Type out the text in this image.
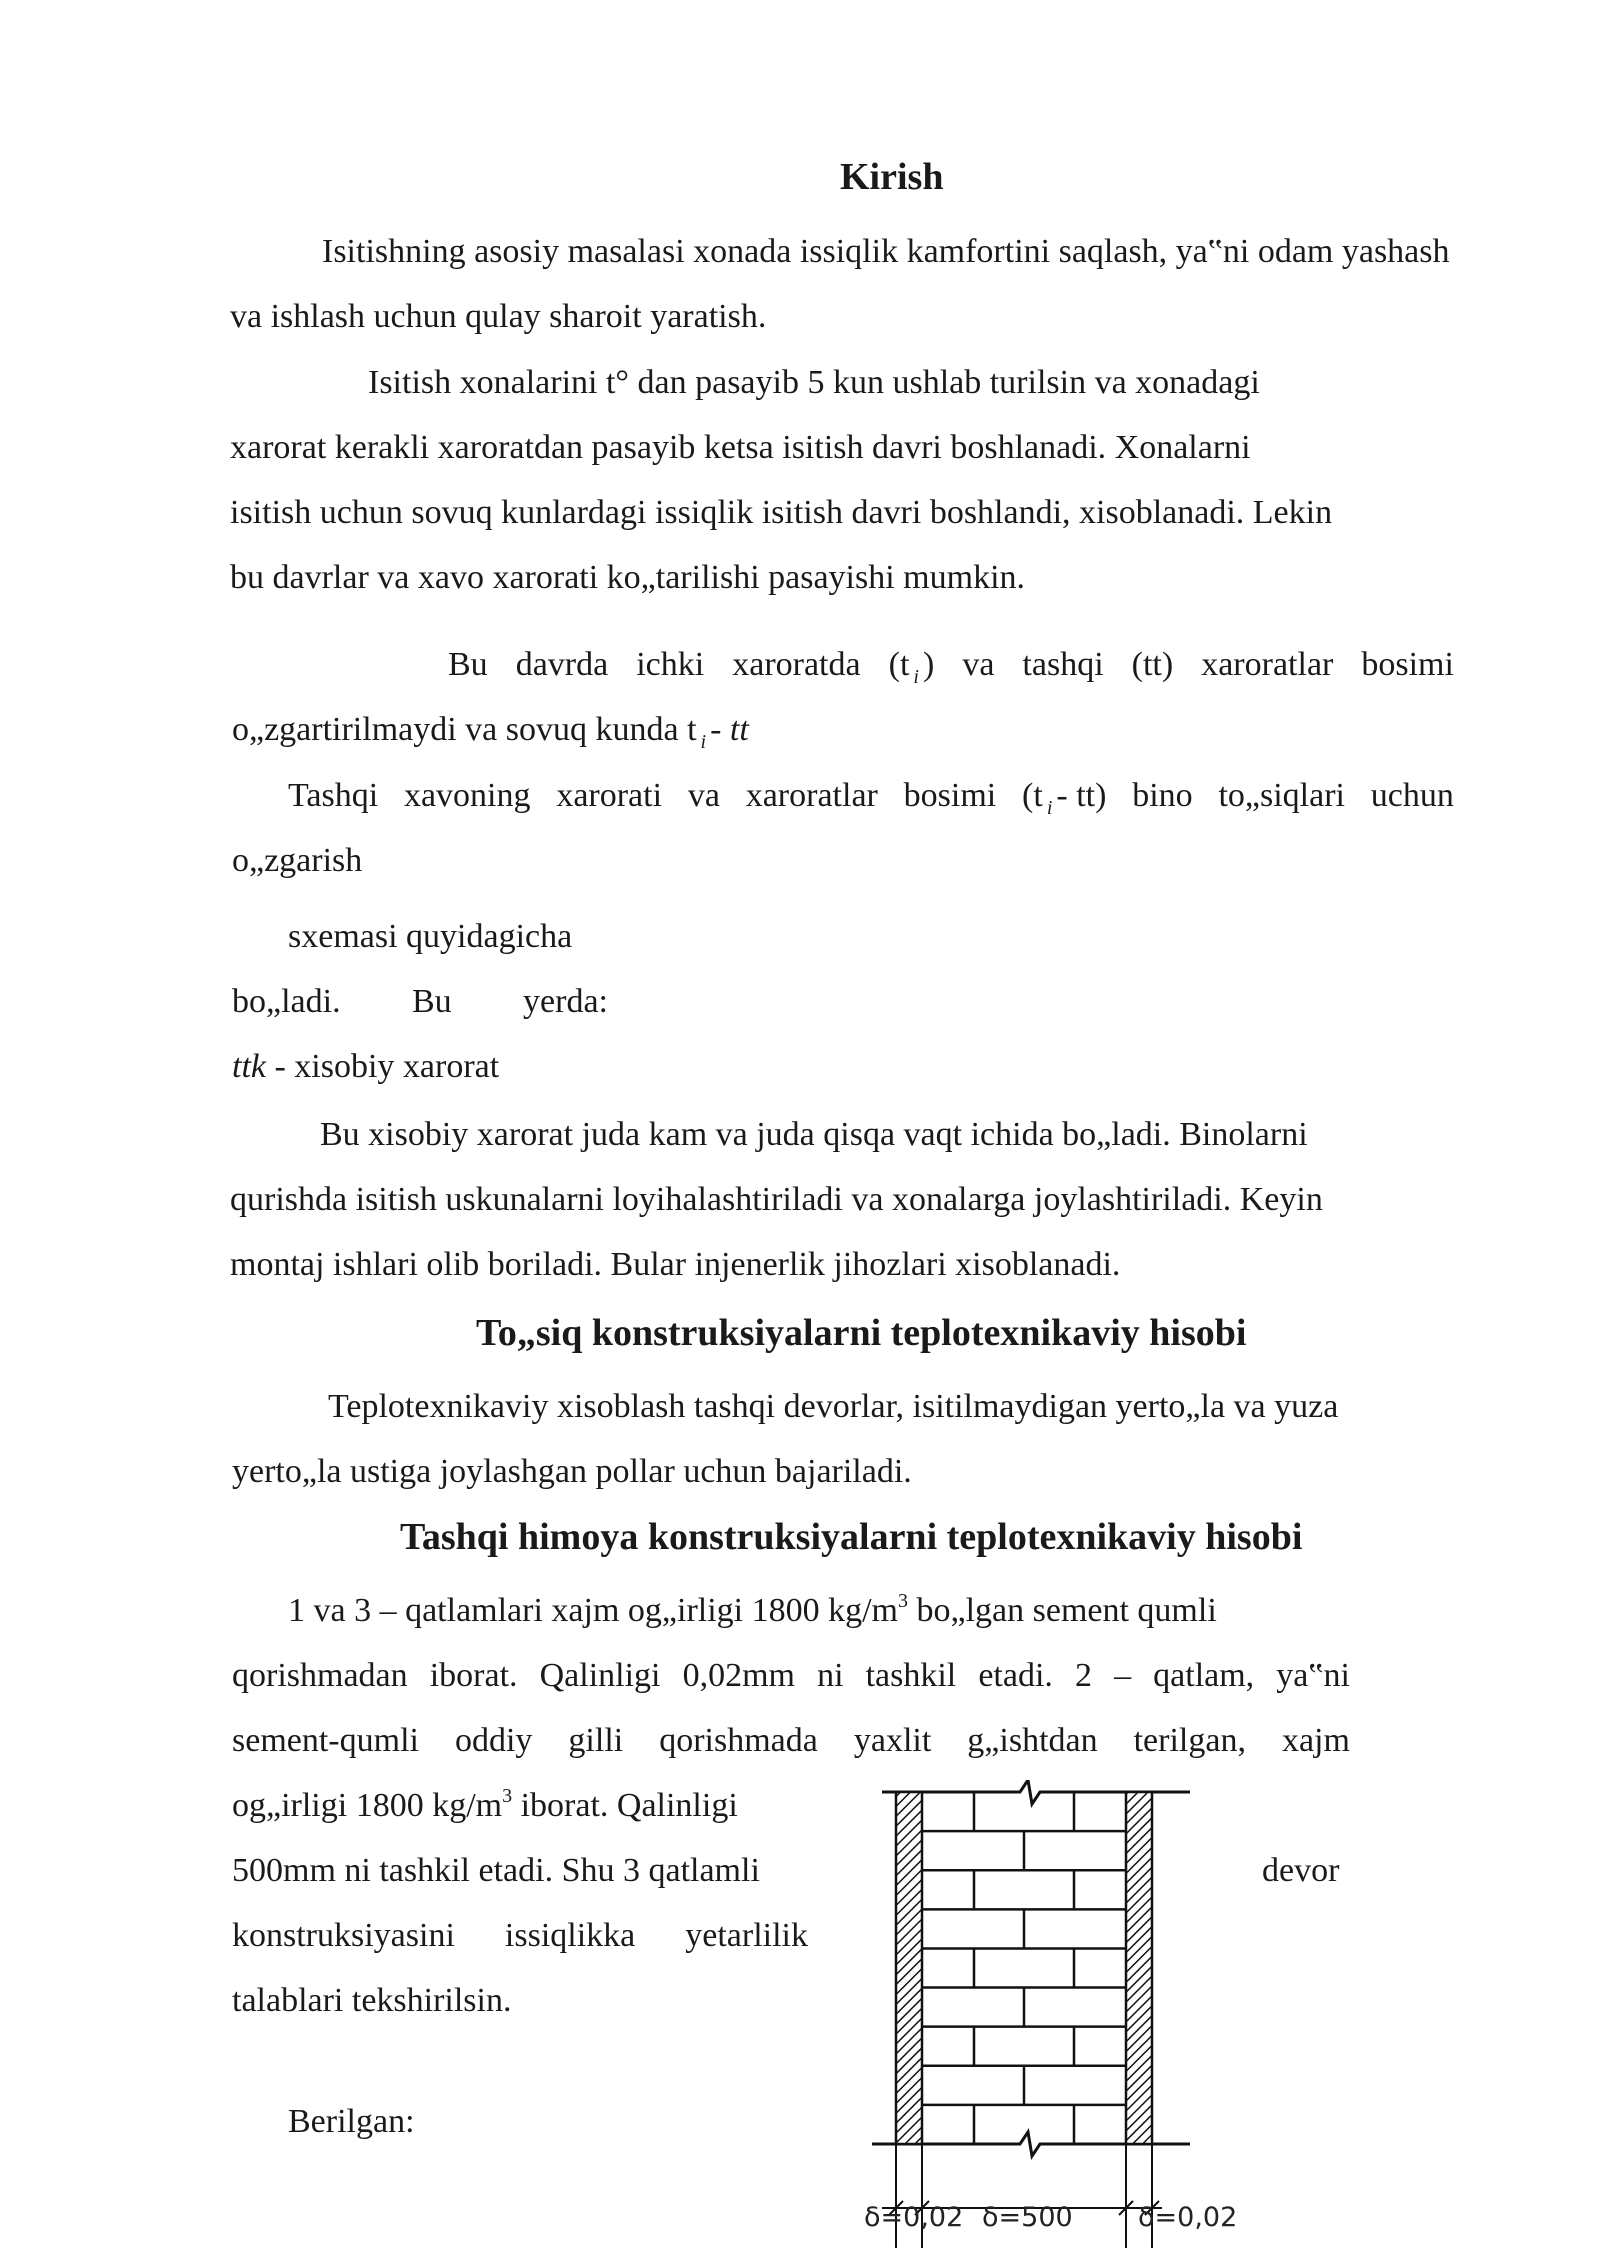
Kirish
Isitishning asosiy masalasi xonada issiqlik kamfortini saqlash, ya‟ni odam yashash
va ishlash uchun qulay sharoit yaratish.
Isitish xonalarini t° dan pasayib 5 kun ushlab turilsin va xonadagi
xarorat kerakli xaroratdan pasayib ketsa isitish davri boshlanadi. Xonalarni
isitish uchun sovuq kunlardagi issiqlik isitish davri boshlandi, xisoblanadi. Lekin
bu davrlar va xavo xarorati ko„tarilishi pasayishi mumkin.
Bu davrda ichki xaroratda (t $_i$ ) va tashqi (tt) xaroratlar bosimi
o„zgartirilmaydi va sovuq kunda t $_i$ - tt
Tashqi xavoning xarorati va xaroratlar bosimi (t $_i$ - tt) bino to„siqlari uchun
o„zgarish
sxemasi quyidagicha
bo„ladi. Bu yerda:
ttk - xisobiy xarorat
Bu xisobiy xarorat juda kam va juda qisqa vaqt ichida bo„ladi. Binolarni
qurishda isitish uskunalarni loyihalashtiriladi va xonalarga joylashtiriladi. Keyin
montaj ishlari olib boriladi. Bular injenerlik jihozlari xisoblanadi.
To„siq konstruksiyalarni teplotexnikaviy hisobi
Teplotexnikaviy xisoblash tashqi devorlar, isitilmaydigan yerto„la va yuza
yerto„la ustiga joylashgan pollar uchun bajariladi.
Tashqi himoya konstruksiyalarni teplotexnikaviy hisobi
1 va 3 – qatlamlari xajm og„irligi 1800 $kg/m^3$ bo„lgan sement qumli
qorishmadan iborat. Qalinligi 0,02mm ni tashkil etadi. 2 – qatlam, ya‟ni
sement-qumli oddiy gilli qorishmada yaxlit g„ishtdan terilgan, xajm
og„irligi 1800 $kg/m^3$ iborat. Qalinligi
500mm ni tashkil etadi. Shu 3 qatlamli	devor
konstruksiyasini issiqlikka yetarlilik
talablari tekshirilsin.
Berilgan:
δ=0,02 δ=500 δ=0,02
